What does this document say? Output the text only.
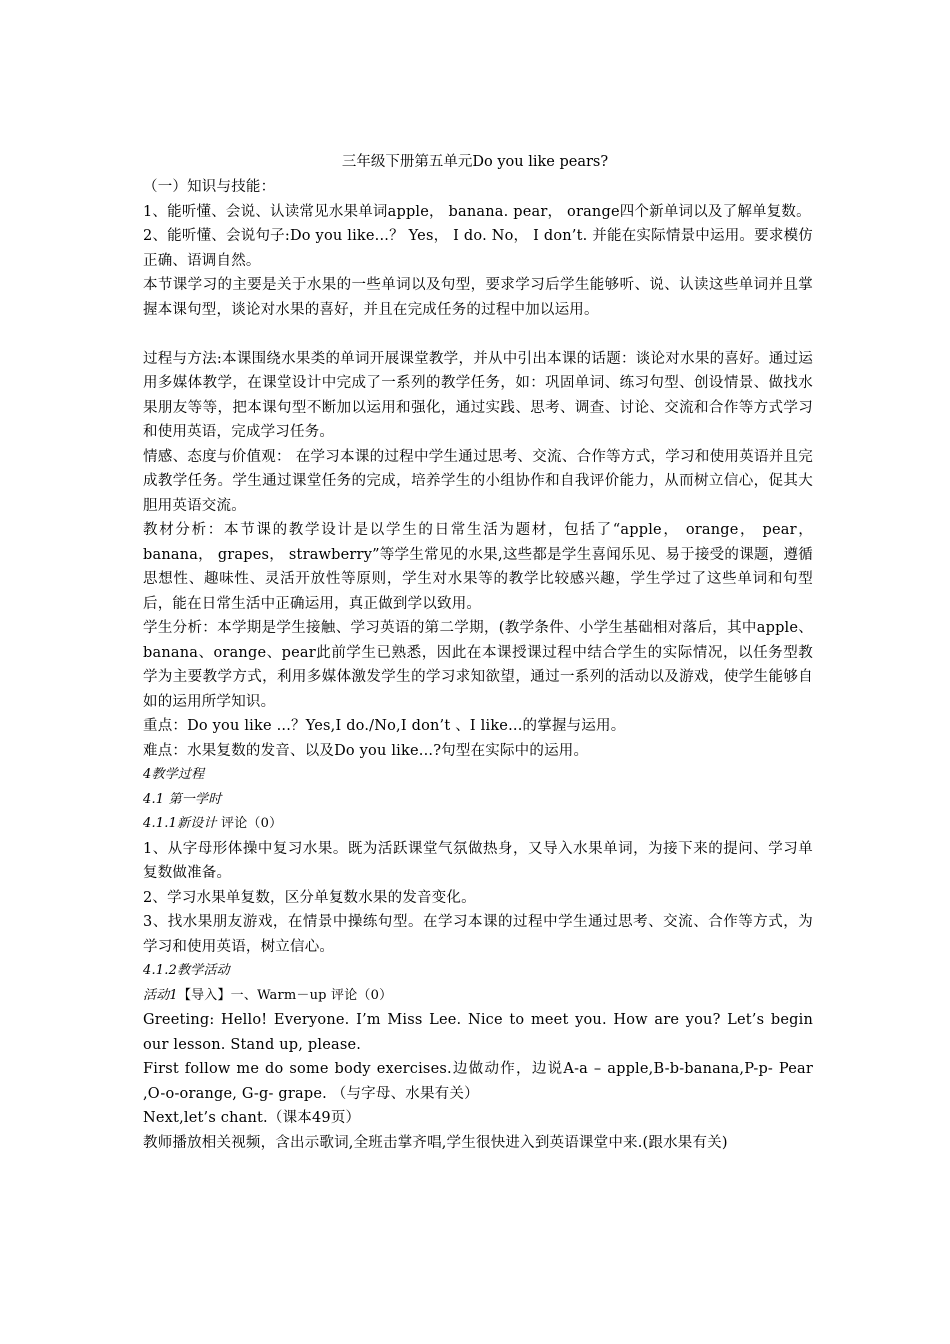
三年级下册第五单元Do you like pears?

（一）知识与技能：

1、能听懂、会说、认读常见水果单词apple， banana. pear， orange四个新单词以及了解单复数。

2、能听懂、会说句子:Do you like...？ Yes， I do. No， I don’t. 并能在实际情景中运用。要求模仿正确、语调自然。

本节课学习的主要是关于水果的一些单词以及句型，要求学习后学生能够听、说、认读这些单词并且掌握本课句型，谈论对水果的喜好，并且在完成任务的过程中加以运用。

过程与方法:本课围绕水果类的单词开展课堂教学，并从中引出本课的话题：谈论对水果的喜好。通过运用多媒体教学，在课堂设计中完成了一系列的教学任务，如：巩固单词、练习句型、创设情景、做找水果朋友等等，把本课句型不断加以运用和强化，通过实践、思考、调查、讨论、交流和合作等方式学习和使用英语，完成学习任务。

情感、态度与价值观： 在学习本课的过程中学生通过思考、交流、合作等方式，学习和使用英语并且完成教学任务。学生通过课堂任务的完成，培养学生的小组协作和自我评价能力，从而树立信心，促其大胆用英语交流。

教材分析：本节课的教学设计是以学生的日常生活为题材，包括了“apple， orange， pear， banana， grapes， strawberry”等学生常见的水果,这些都是学生喜闻乐见、易于接受的课题，遵循思想性、趣味性、灵活开放性等原则，学生对水果等的教学比较感兴趣，学生学过了这些单词和句型后，能在日常生活中正确运用，真正做到学以致用。

学生分析：本学期是学生接触、学习英语的第二学期，(教学条件、小学生基础相对落后，其中apple、banana、orange、pear此前学生已熟悉，因此在本课授课过程中结合学生的实际情况，以任务型教学为主要教学方式，利用多媒体激发学生的学习求知欲望，通过一系列的活动以及游戏，使学生能够自如的运用所学知识。

重点：Do you like ...？Yes,I do./No,I don’t 、I like...的掌握与运用。

难点：水果复数的发音、以及Do you like...?句型在实际中的运用。

4教学过程

4.1 第一学时

4.1.1新设计 评论（0）

1、从字母形体操中复习水果。既为活跃课堂气氛做热身，又导入水果单词，为接下来的提问、学习单复数做准备。

2、学习水果单复数，区分单复数水果的发音变化。

3、找水果朋友游戏，在情景中操练句型。在学习本课的过程中学生通过思考、交流、合作等方式，为学习和使用英语，树立信心。

4.1.2教学活动

活动1【导入】一、Warm－up 评论（0）

Greeting: Hello! Everyone. I’m Miss Lee. Nice to meet you. How are you? Let’s begin our lesson. Stand up, please.

First follow me do some body exercises.边做动作，边说A-a – apple,B-b-banana,P-p- Pear ,O-o-orange, G-g- grape. （与字母、水果有关）

Next,let’s chant.（课本49页）

教师播放相关视频，含出示歌词,全班击掌齐唱,学生很快进入到英语课堂中来.(跟水果有关)
